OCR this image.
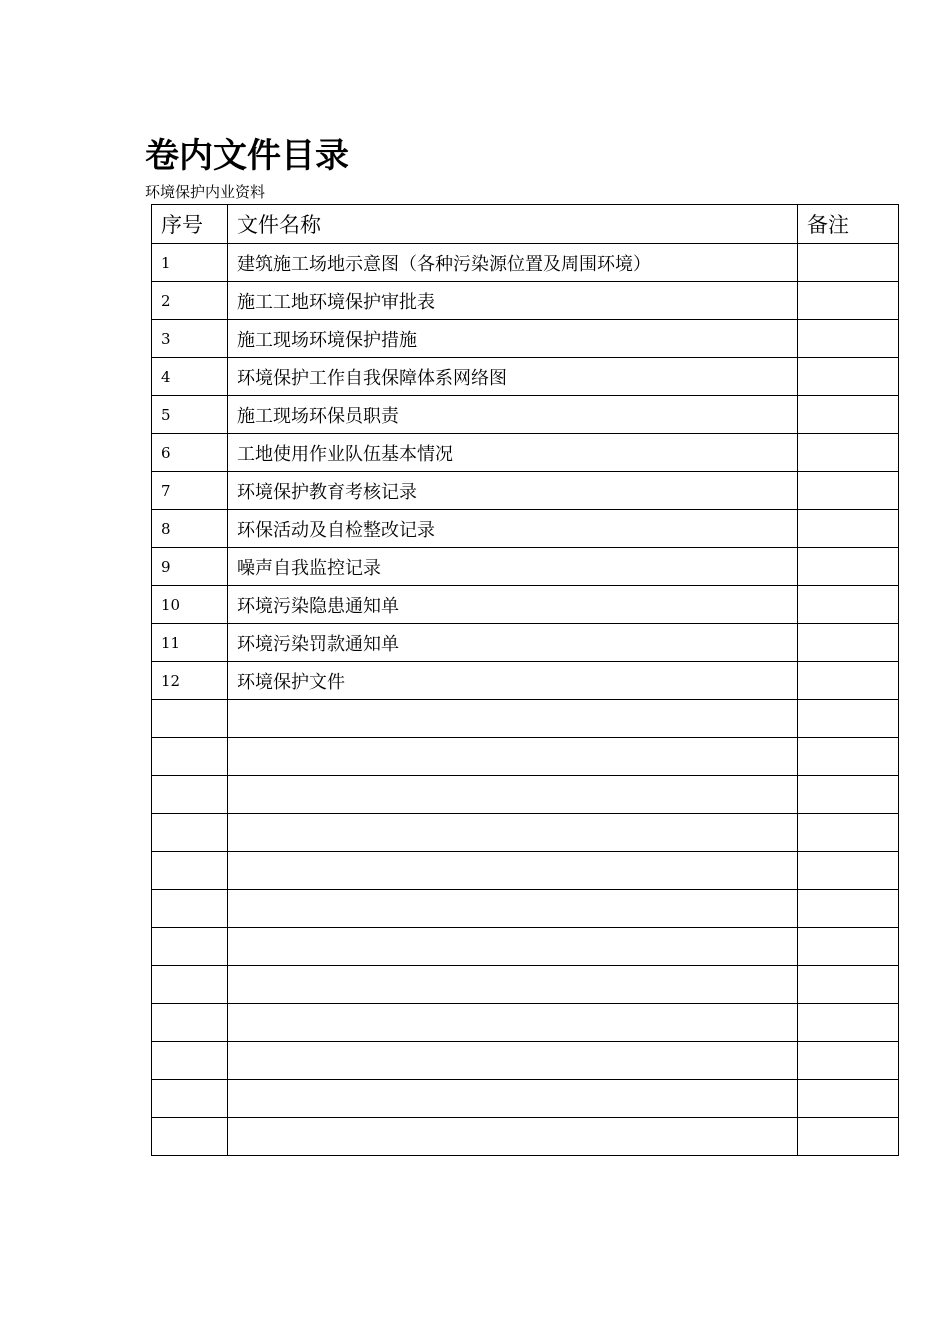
卷内文件目录
环境保护内业资料
序号	文件名称	备注
1	建筑施工场地示意图（各种污染源位置及周围环境）	
2	施工工地环境保护审批表	
3	施工现场环境保护措施	
4	环境保护工作自我保障体系网络图	
5	施工现场环保员职责	
6	工地使用作业队伍基本情况	
7	环境保护教育考核记录	
8	环保活动及自检整改记录	
9	噪声自我监控记录	
10	环境污染隐患通知单	
11	环境污染罚款通知单	
12	环境保护文件	
